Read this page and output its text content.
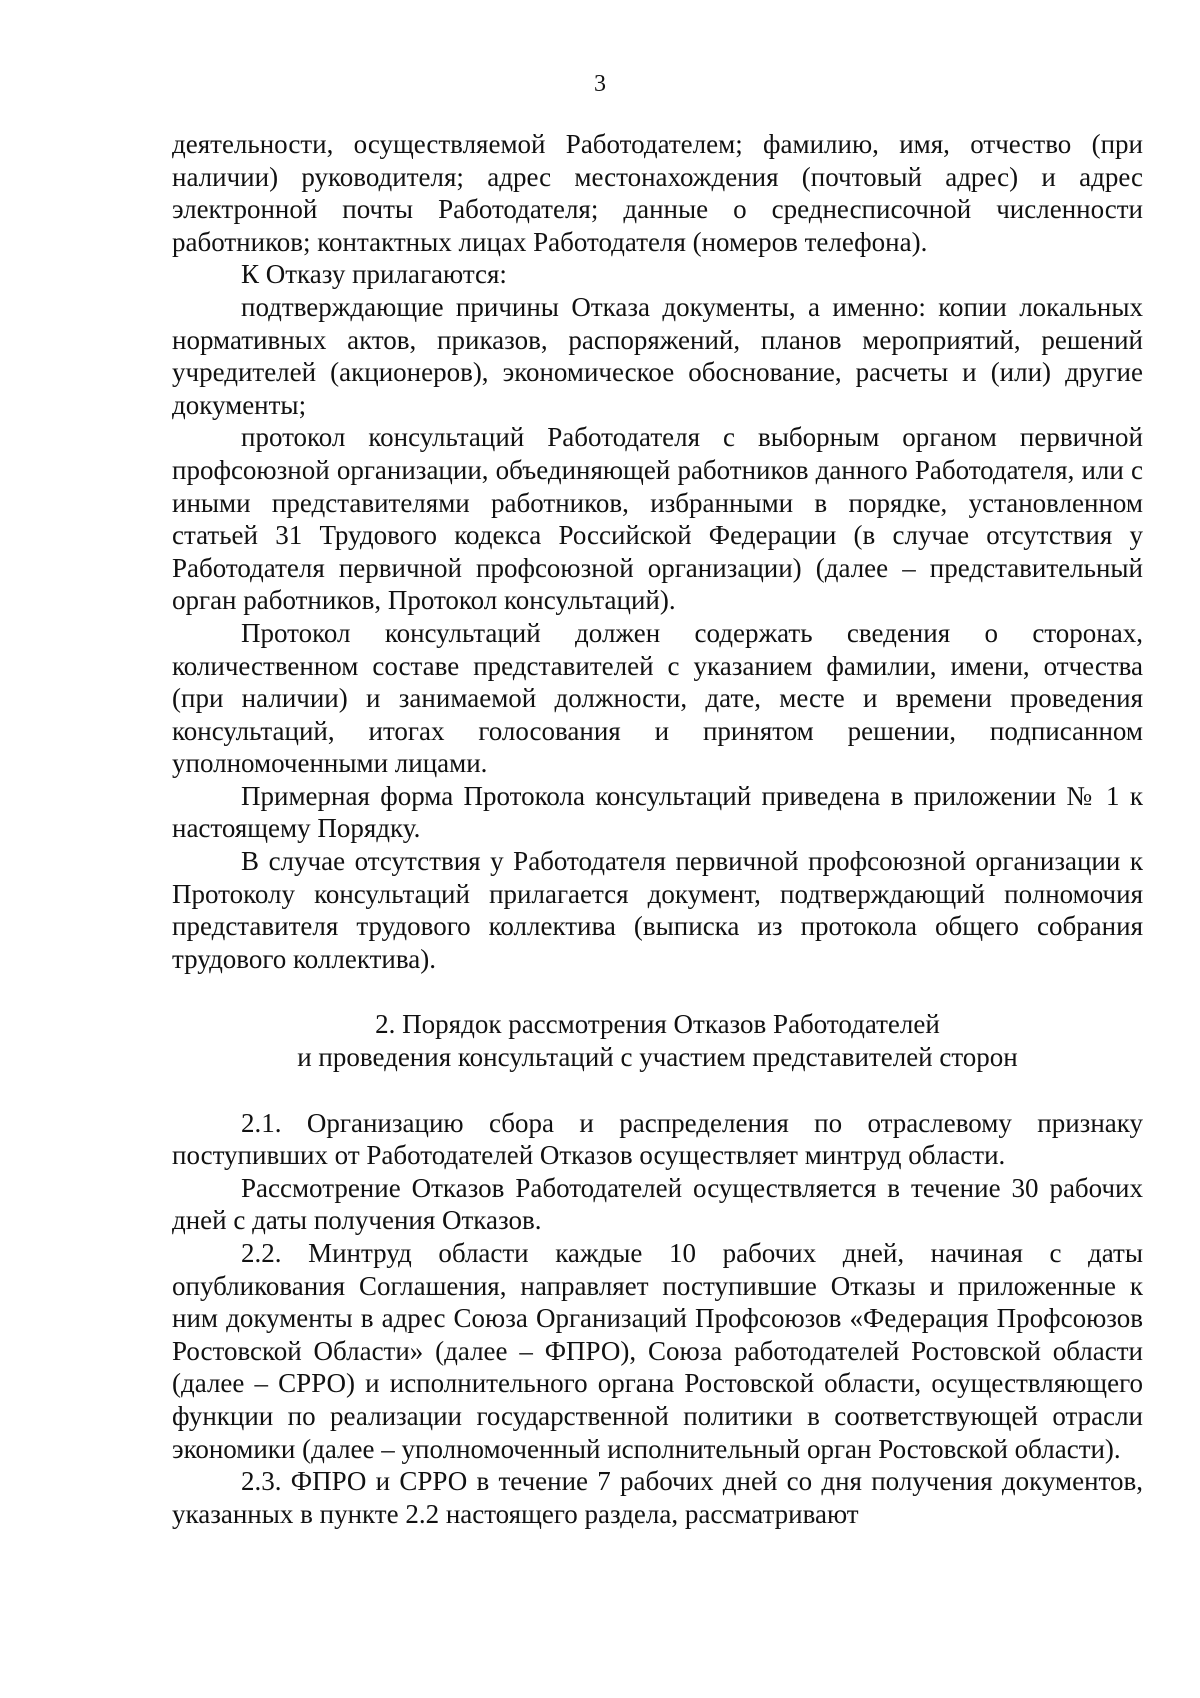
3

деятельности, осуществляемой Работодателем; фамилию, имя, отчество (при наличии) руководителя; адрес местонахождения (почтовый адрес) и адрес электронной почты Работодателя; данные о среднесписочной численности работников; контактных лицах Работодателя (номеров телефона).

К Отказу прилагаются:

подтверждающие причины Отказа документы, а именно: копии локальных нормативных актов, приказов, распоряжений, планов мероприятий, решений учредителей (акционеров), экономическое обоснование, расчеты и (или) другие документы;

протокол консультаций Работодателя с выборным органом первичной профсоюзной организации, объединяющей работников данного Работодателя, или с иными представителями работников, избранными в порядке, установленном статьей 31 Трудового кодекса Российской Федерации (в случае отсутствия у Работодателя первичной профсоюзной организации) (далее – представительный орган работников, Протокол консультаций).

Протокол консультаций должен содержать сведения о сторонах, количественном составе представителей с указанием фамилии, имени, отчества (при наличии) и занимаемой должности, дате, месте и времени проведения консультаций, итогах голосования и принятом решении, подписанном уполномоченными лицами.

Примерная форма Протокола консультаций приведена в приложении № 1 к настоящему Порядку.

В случае отсутствия у Работодателя первичной профсоюзной организации к Протоколу консультаций прилагается документ, подтверждающий полномочия представителя трудового коллектива (выписка из протокола общего собрания трудового коллектива).

2. Порядок рассмотрения Отказов Работодателей
и проведения консультаций с участием представителей сторон

2.1. Организацию сбора и распределения по отраслевому признаку поступивших от Работодателей Отказов осуществляет минтруд области.

Рассмотрение Отказов Работодателей осуществляется в течение 30 рабочих дней с даты получения Отказов.

2.2. Минтруд области каждые 10 рабочих дней, начиная с даты опубликования Соглашения, направляет поступившие Отказы и приложенные к ним документы в адрес Союза Организаций Профсоюзов «Федерация Профсоюзов Ростовской Области» (далее – ФПРО), Союза работодателей Ростовской области (далее – СРРО) и исполнительного органа Ростовской области, осуществляющего функции по реализации государственной политики в соответствующей отрасли экономики (далее – уполномоченный исполнительный орган Ростовской области).

2.3. ФПРО и СРРО в течение 7 рабочих дней со дня получения документов, указанных в пункте 2.2 настоящего раздела, рассматривают
